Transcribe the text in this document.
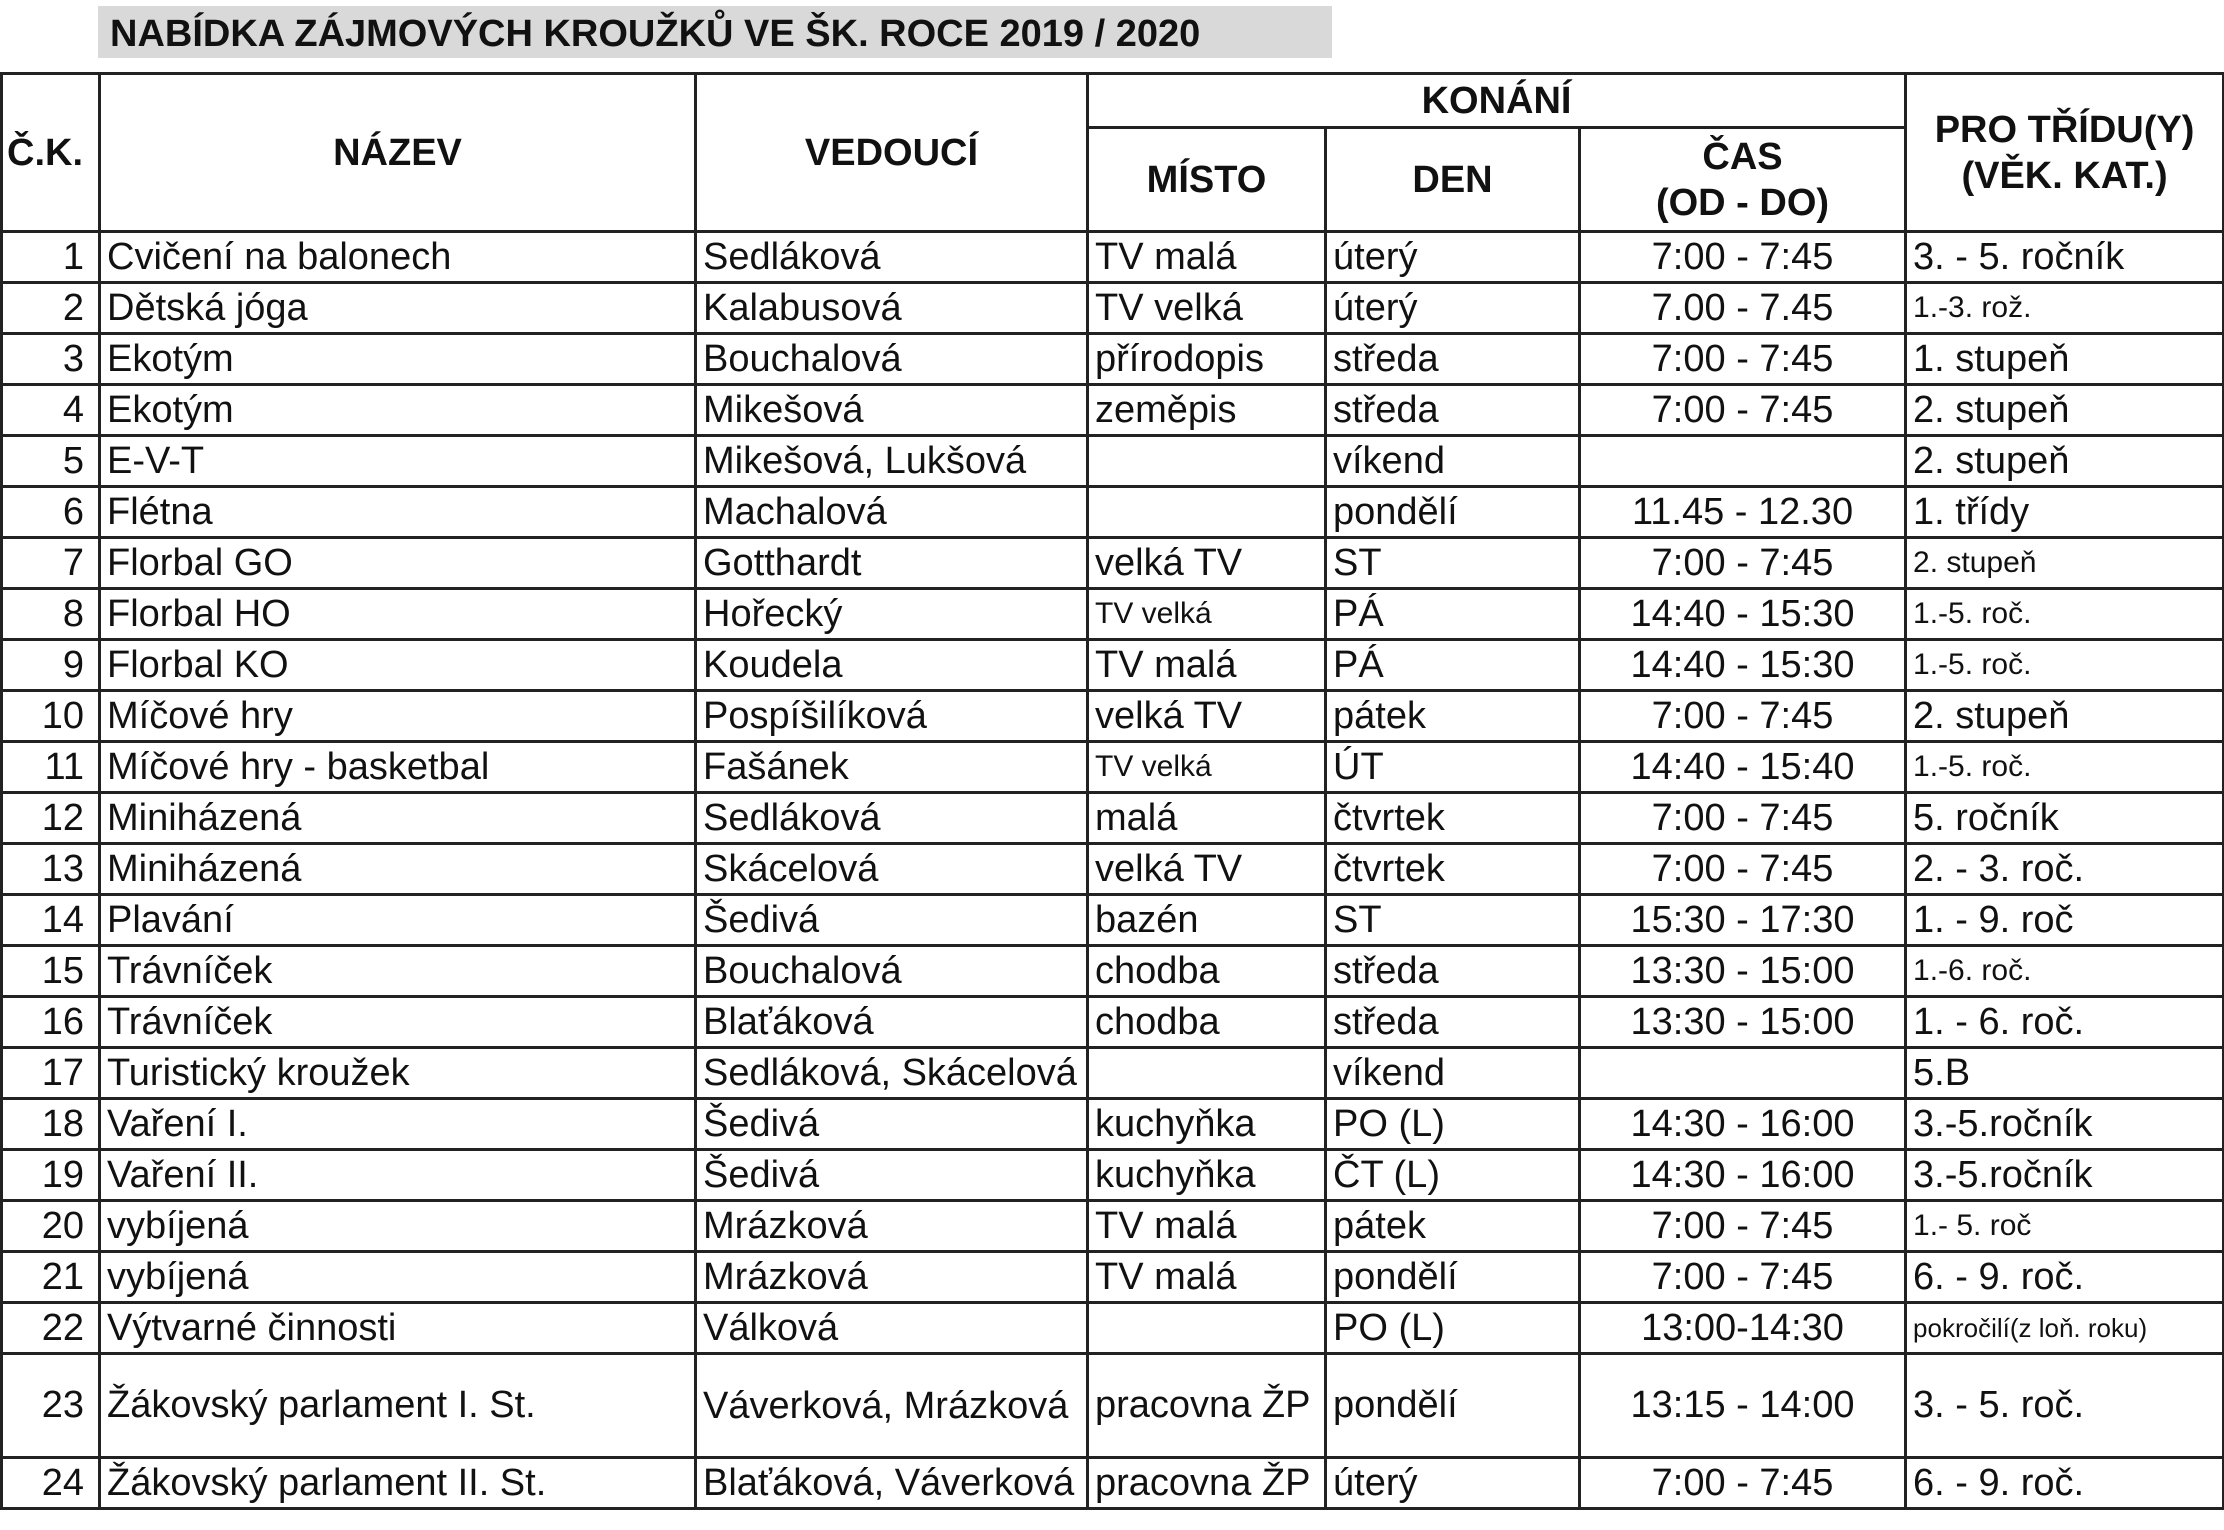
NABÍDKA ZÁJMOVÝCH KROUŽKŮ VE ŠK. ROCE 2019 / 2020
Č.K.	NÁZEV	VEDOUCÍ	KONÁNÍ			PRO TŘÍDU(Y)
(VĚK. KAT.)

			MÍSTO	DEN	ČAS
(OD - DO)	

1	Cvičení na balonech	Sedláková	TV malá	úterý	7:00 - 7:45	3. - 5. ročník
2	Dětská jóga	Kalabusová	TV velká	úterý	7.00 - 7.45	1.-3. rož.
3	Ekotým	Bouchalová	přírodopis	středa	7:00 - 7:45	1. stupeň
4	Ekotým	Mikešová	zeměpis	středa	7:00 - 7:45	2. stupeň
5	E-V-T	Mikešová, Lukšová		víkend		2. stupeň
6	Flétna	Machalová		pondělí	11.45 - 12.30	1. třídy
7	Florbal GO	Gotthardt	velká TV	ST	7:00 - 7:45	2. stupeň
8	Florbal HO	Hořecký	TV velká	PÁ	14:40 - 15:30	1.-5. roč.
9	Florbal KO	Koudela	TV malá	PÁ	14:40 - 15:30	1.-5. roč.
10	Míčové hry	Pospíšilíková	velká TV	pátek	7:00 - 7:45	2. stupeň
11	Míčové hry - basketbal	Fašánek	TV velká	ÚT	14:40 - 15:40	1.-5. roč.
12	Miniházená	Sedláková	malá	čtvrtek	7:00 - 7:45	5. ročník
13	Miniházená	Skácelová	velká TV	čtvrtek	7:00 - 7:45	2. - 3. roč.
14	Plavání	Šedivá	bazén	ST	15:30 - 17:30	1. - 9. roč
15	Trávníček	Bouchalová	chodba	středa	13:30 - 15:00	1.-6. roč.
16	Trávníček	Blaťáková	chodba	středa	13:30 - 15:00	1. - 6. roč.
17	Turistický kroužek	Sedláková, Skácelová		víkend		5.B
18	Vaření I.	Šedivá	kuchyňka	PO (L)	14:30 - 16:00	3.-5.ročník
19	Vaření II.	Šedivá	kuchyňka	ČT (L)	14:30 - 16:00	3.-5.ročník
20	vybíjená	Mrázková	TV malá	pátek	7:00 - 7:45	1.- 5. roč
21	vybíjená	Mrázková	TV malá	pondělí	7:00 - 7:45	6. - 9. roč.
22	Výtvarné činnosti	Válková		PO (L)	13:00-14:30	pokročilí(z loň. roku)
23	Žákovský parlament I. St.	Váverková, Mrázková	pracovna ŽP	pondělí	13:15 - 14:00	3. - 5. roč.
24	Žákovský parlament II. St.	Blaťáková, Váverková	pracovna ŽP	úterý	7:00 - 7:45	6. - 9. roč.
